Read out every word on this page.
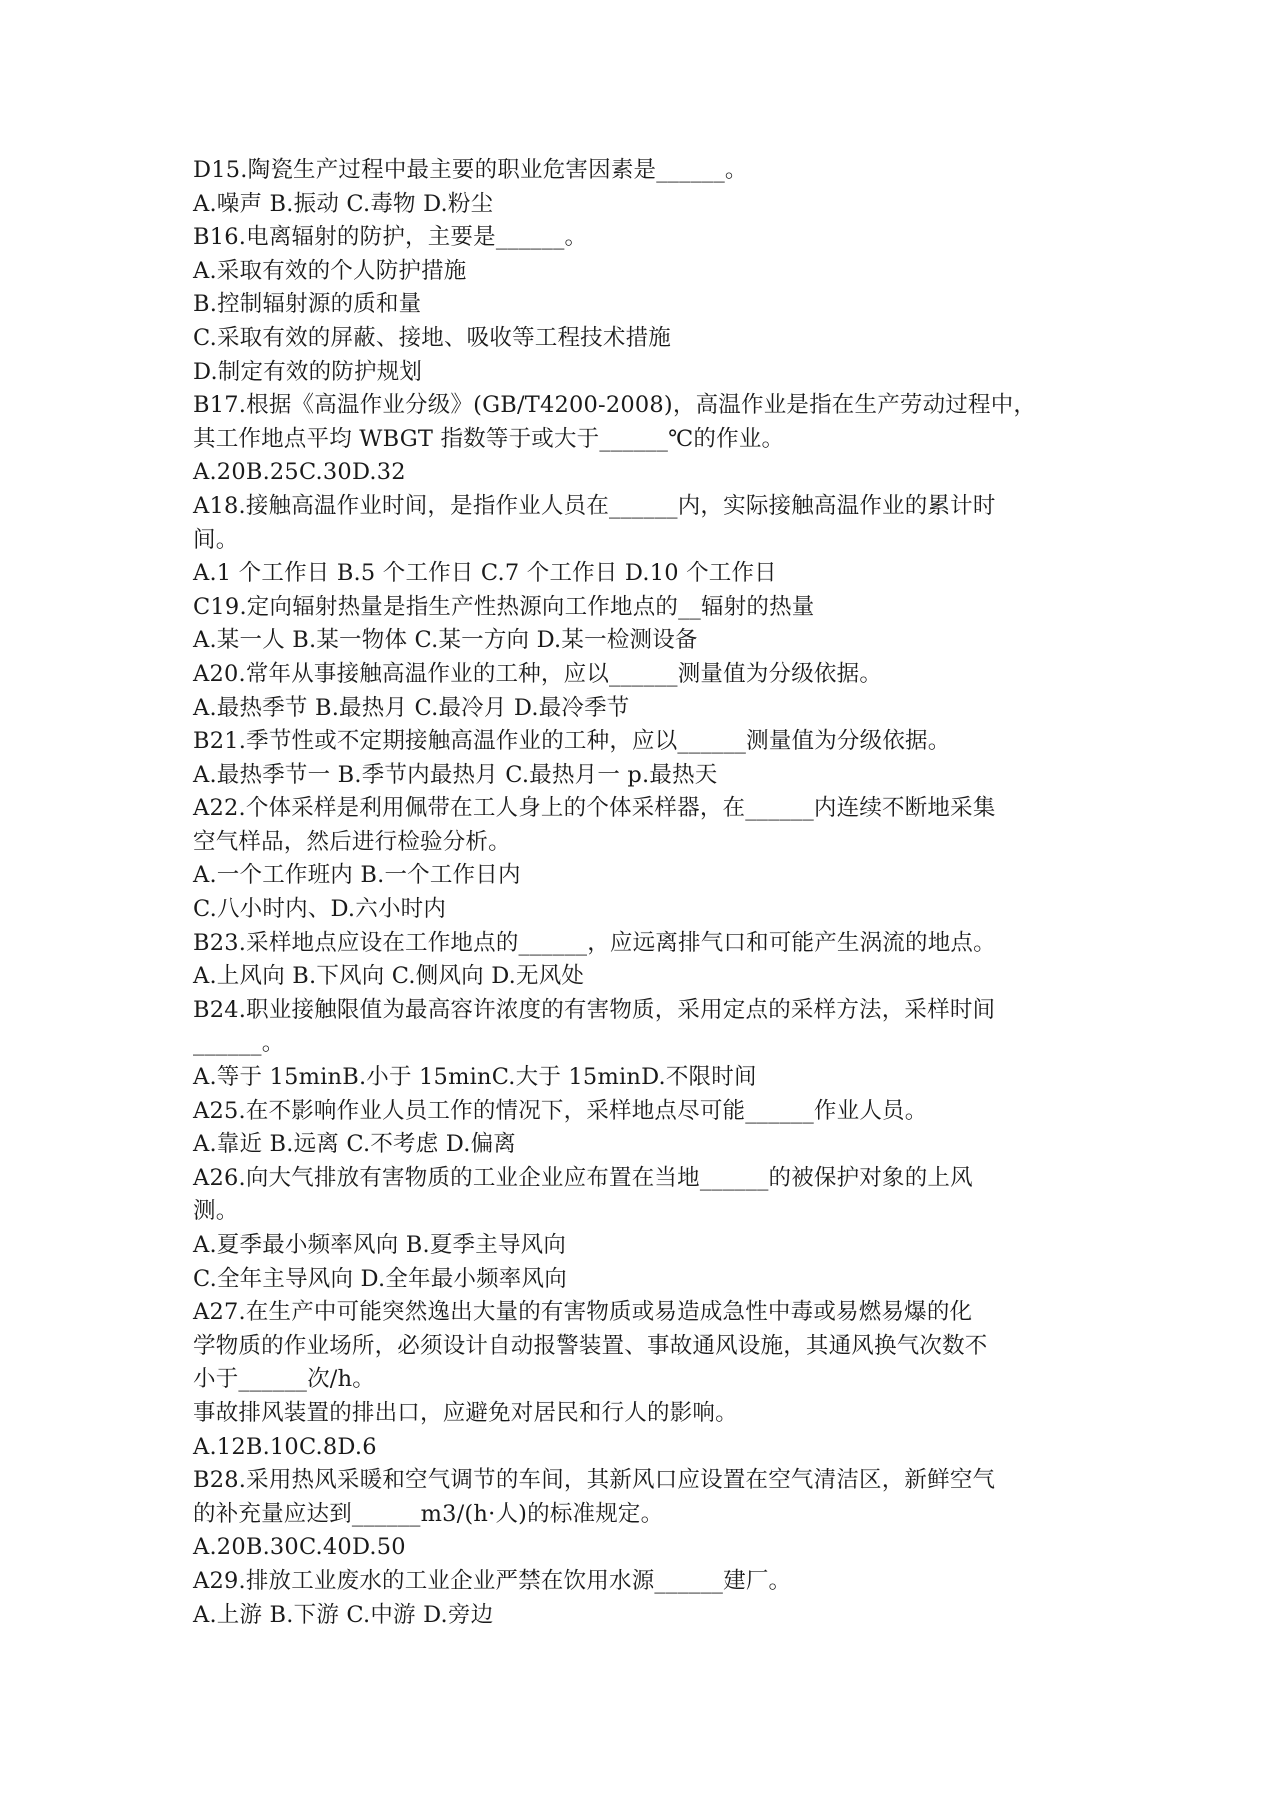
D15.陶瓷生产过程中最主要的职业危害因素是______。
A.噪声 B.振动 C.毒物 D.粉尘
B16.电离辐射的防护，主要是______。
A.采取有效的个人防护措施
B.控制辐射源的质和量
C.采取有效的屏蔽、接地、吸收等工程技术措施
D.制定有效的防护规划
B17.根据《高温作业分级》(GB/T4200-2008)，高温作业是指在生产劳动过程中，
其工作地点平均 WBGT 指数等于或大于______℃的作业。
A.20B.25C.30D.32
A18.接触高温作业时间，是指作业人员在______内，实际接触高温作业的累计时
间。
A.1 个工作日 B.5 个工作日 C.7 个工作日 D.10 个工作日
C19.定向辐射热量是指生产性热源向工作地点的__辐射的热量
A.某一人 B.某一物体 C.某一方向 D.某一检测设备
A20.常年从事接触高温作业的工种，应以______测量值为分级依据。
A.最热季节 B.最热月 C.最冷月 D.最冷季节
B21.季节性或不定期接触高温作业的工种，应以______测量值为分级依据。
A.最热季节一 B.季节内最热月 C.最热月一 p.最热天
A22.个体采样是利用佩带在工人身上的个体采样器，在______内连续不断地采集
空气样品，然后进行检验分析。
A.一个工作班内 B.一个工作日内
C.八小时内、D.六小时内
B23.采样地点应设在工作地点的______，应远离排气口和可能产生涡流的地点。
A.上风向 B.下风向 C.侧风向 D.无风处
B24.职业接触限值为最高容许浓度的有害物质，采用定点的采样方法，采样时间
______。
A.等于 15minB.小于 15minC.大于 15minD.不限时间
A25.在不影响作业人员工作的情况下，采样地点尽可能______作业人员。
A.靠近 B.远离 C.不考虑 D.偏离
A26.向大气排放有害物质的工业企业应布置在当地______的被保护对象的上风
测。
A.夏季最小频率风向 B.夏季主导风向
C.全年主导风向 D.全年最小频率风向
A27.在生产中可能突然逸出大量的有害物质或易造成急性中毒或易燃易爆的化
学物质的作业场所，必须设计自动报警装置、事故通风设施，其通风换气次数不
小于______次/h。
事故排风装置的排出口，应避免对居民和行人的影响。
A.12B.10C.8D.6
B28.采用热风采暖和空气调节的车间，其新风口应设置在空气清洁区，新鲜空气
的补充量应达到______m3/(h·人)的标准规定。
A.20B.30C.40D.50
A29.排放工业废水的工业企业严禁在饮用水源______建厂。
A.上游 B.下游 C.中游 D.旁边
